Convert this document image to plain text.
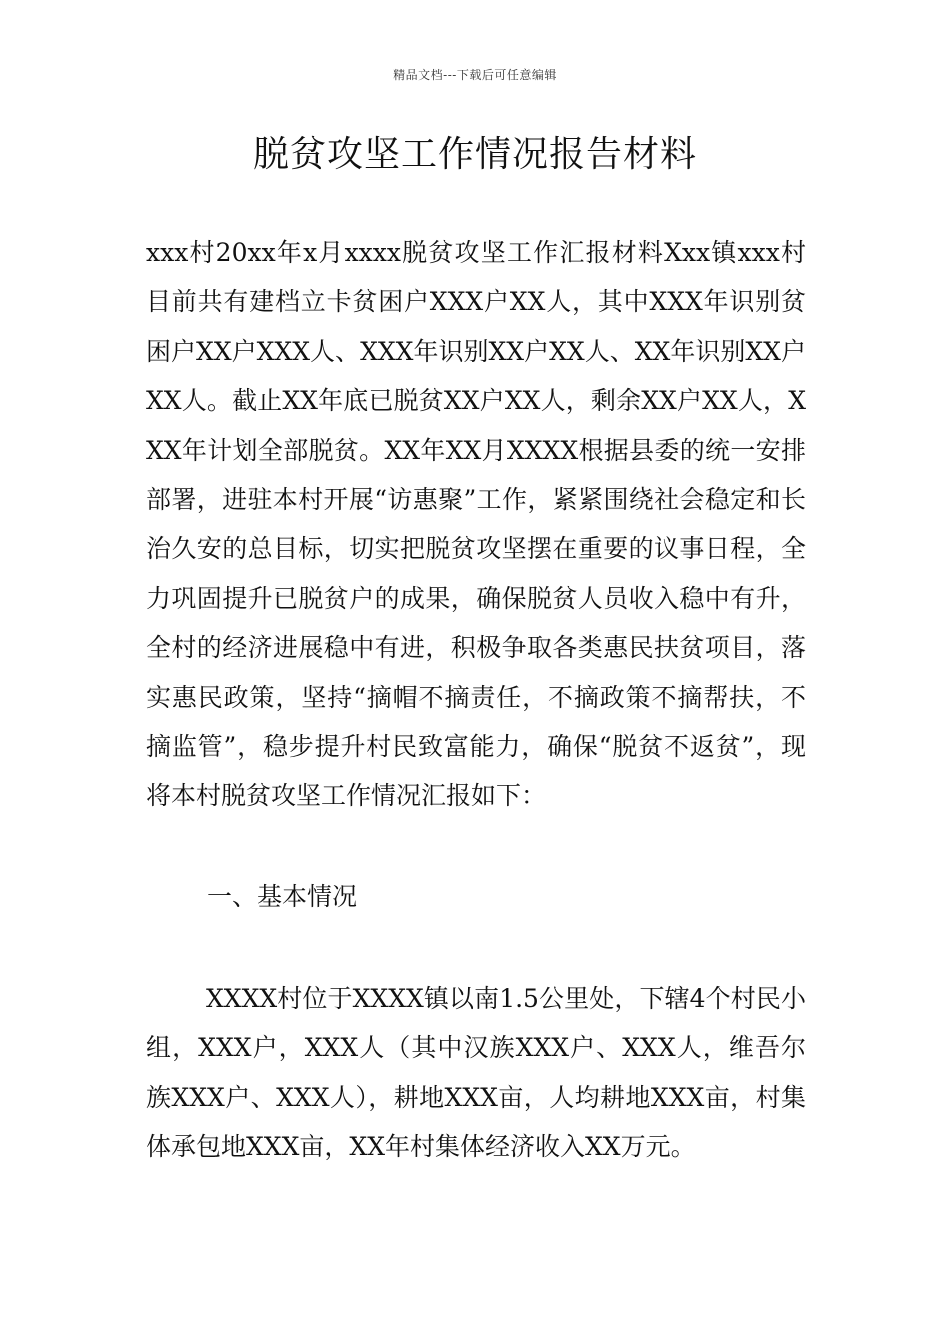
精品文档---下载后可任意编辑
脱贫攻坚工作情况报告材料

xxx村20xx年x月xxxx脱贫攻坚工作汇报材料Xxx镇xxx村目前共有建档立卡贫困户XXX户XX人，其中XXX年识别贫困户XX户XXX人、XXX年识别XX户XX人、XX年识别XX户XX人。截止XX年底已脱贫XX户XX人，剩余XX户XX人，XXX年计划全部脱贫。XX年XX月XXXX根据县委的统一安排部署，进驻本村开展“访惠聚”工作，紧紧围绕社会稳定和长治久安的总目标，切实把脱贫攻坚摆在重要的议事日程，全力巩固提升已脱贫户的成果，确保脱贫人员收入稳中有升，全村的经济进展稳中有进，积极争取各类惠民扶贫项目，落实惠民政策，坚持“摘帽不摘责任，不摘政策不摘帮扶，不摘监管”，稳步提升村民致富能力，确保“脱贫不返贫”，现将本村脱贫攻坚工作情况汇报如下：

一、基本情况

XXXX村位于XXXX镇以南1.5公里处，下辖4个村民小组，XXX户，XXX人（其中汉族XXX户、XXX人，维吾尔族XXX户、XXX人），耕地XXX亩，人均耕地XXX亩，村集体承包地XXX亩，XX年村集体经济收入XX万元。
